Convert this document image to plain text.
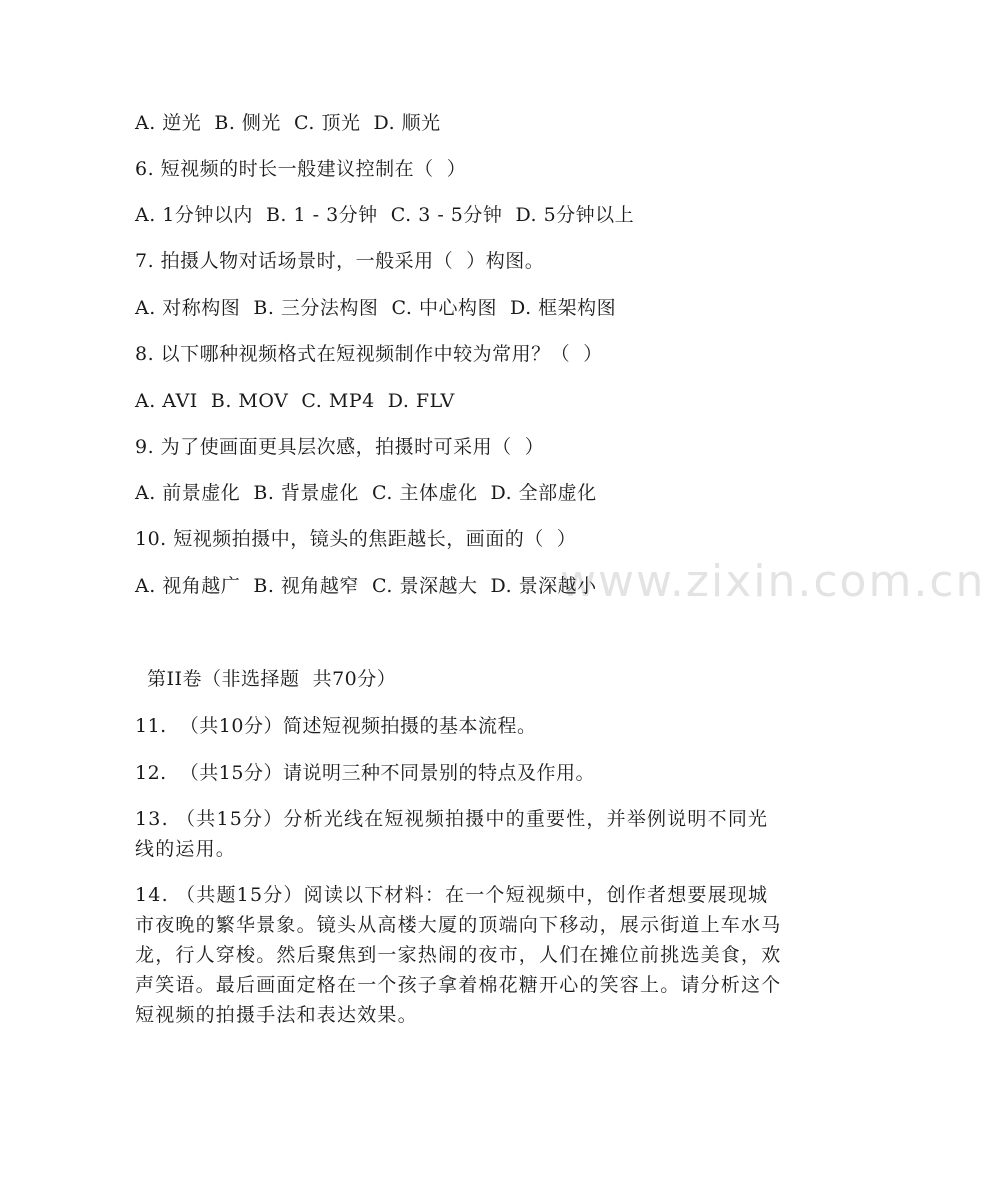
www.zixin.com.cn
A. 逆光  B. 侧光  C. 顶光  D. 顺光
6. 短视频的时长一般建议控制在（  ）
A. 1分钟以内  B. 1 - 3分钟  C. 3 - 5分钟  D. 5分钟以上
7. 拍摄人物对话场景时，一般采用（  ）构图。
A. 对称构图  B. 三分法构图  C. 中心构图  D. 框架构图
8. 以下哪种视频格式在短视频制作中较为常用？（  ）
A. AVI  B. MOV  C. MP4  D. FLV
9. 为了使画面更具层次感，拍摄时可采用（  ）
A. 前景虚化  B. 背景虚化  C. 主体虚化  D. 全部虚化
10. 短视频拍摄中，镜头的焦距越长，画面的（  ）
A. 视角越广  B. 视角越窄  C. 景深越大  D. 景深越小
第II卷（非选择题  共70分）
11.  （共10分）简述短视频拍摄的基本流程。
12.  （共15分）请说明三种不同景别的特点及作用。
13. （共15分）分析光线在短视频拍摄中的重要性，并举例说明不同光线的运用。
14. （共题15分）阅读以下材料：在一个短视频中，创作者想要展现城市夜晚的繁华景象。镜头从高楼大厦的顶端向下移动，展示街道上车水马龙，行人穿梭。然后聚焦到一家热闹的夜市，人们在摊位前挑选美食，欢声笑语。最后画面定格在一个孩子拿着棉花糖开心的笑容上。请分析这个短视频的拍摄手法和表达效果。
